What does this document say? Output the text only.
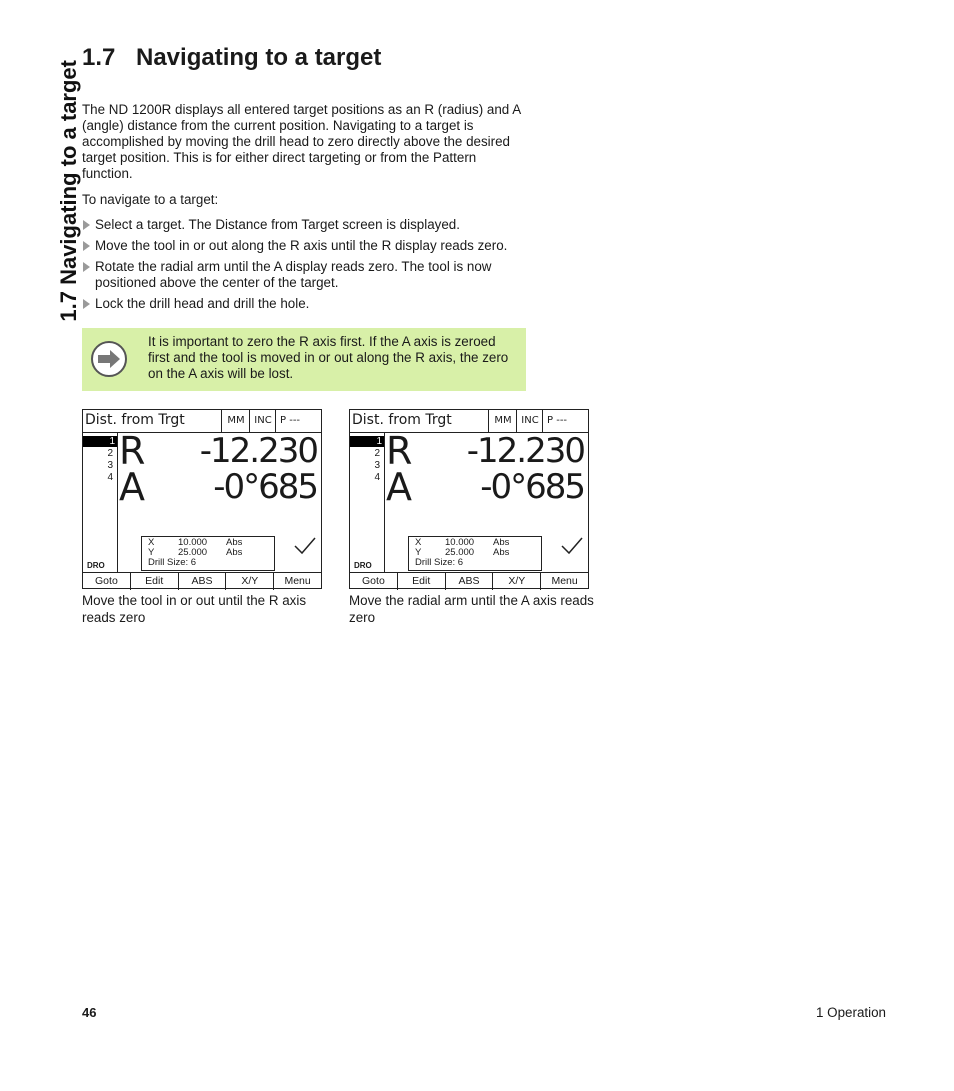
1.7 Navigating to a target
1.7 Navigating to a target

The ND 1200R displays all entered target positions as an R (radius) and A (angle) distance from the current position. Navigating to a target is accomplished by moving the drill head to zero directly above the desired target position. This is for either direct targeting or from the Pattern function.

To navigate to a target:

Select a target. The Distance from Target screen is displayed.
Move the tool in or out along the R axis until the R display reads zero.
Rotate the radial arm until the A display reads zero. The tool is now positioned above the center of the target.
Lock the drill head and drill the hole.

It is important to zero the R axis first. If the A axis is zeroed first and the tool is moved in or out along the R axis, the zero on the A axis will be lost.

Dist. from Trgt	MM INC P ---
1
2
3
4
DRO
R -12.230
A -0°685
X 10.000 Abs
Y 25.000 Abs
Drill Size: 6
Goto	Edit	ABS	X/Y	Menu

Move the tool in or out until the R axis reads zero

Dist. from Trgt	MM INC P ---
1
2
3
4
DRO
R -12.230
A -0°685
X 10.000 Abs
Y 25.000 Abs
Drill Size: 6
Goto	Edit	ABS	X/Y	Menu

Move the radial arm until the A axis reads zero

46	1 Operation
